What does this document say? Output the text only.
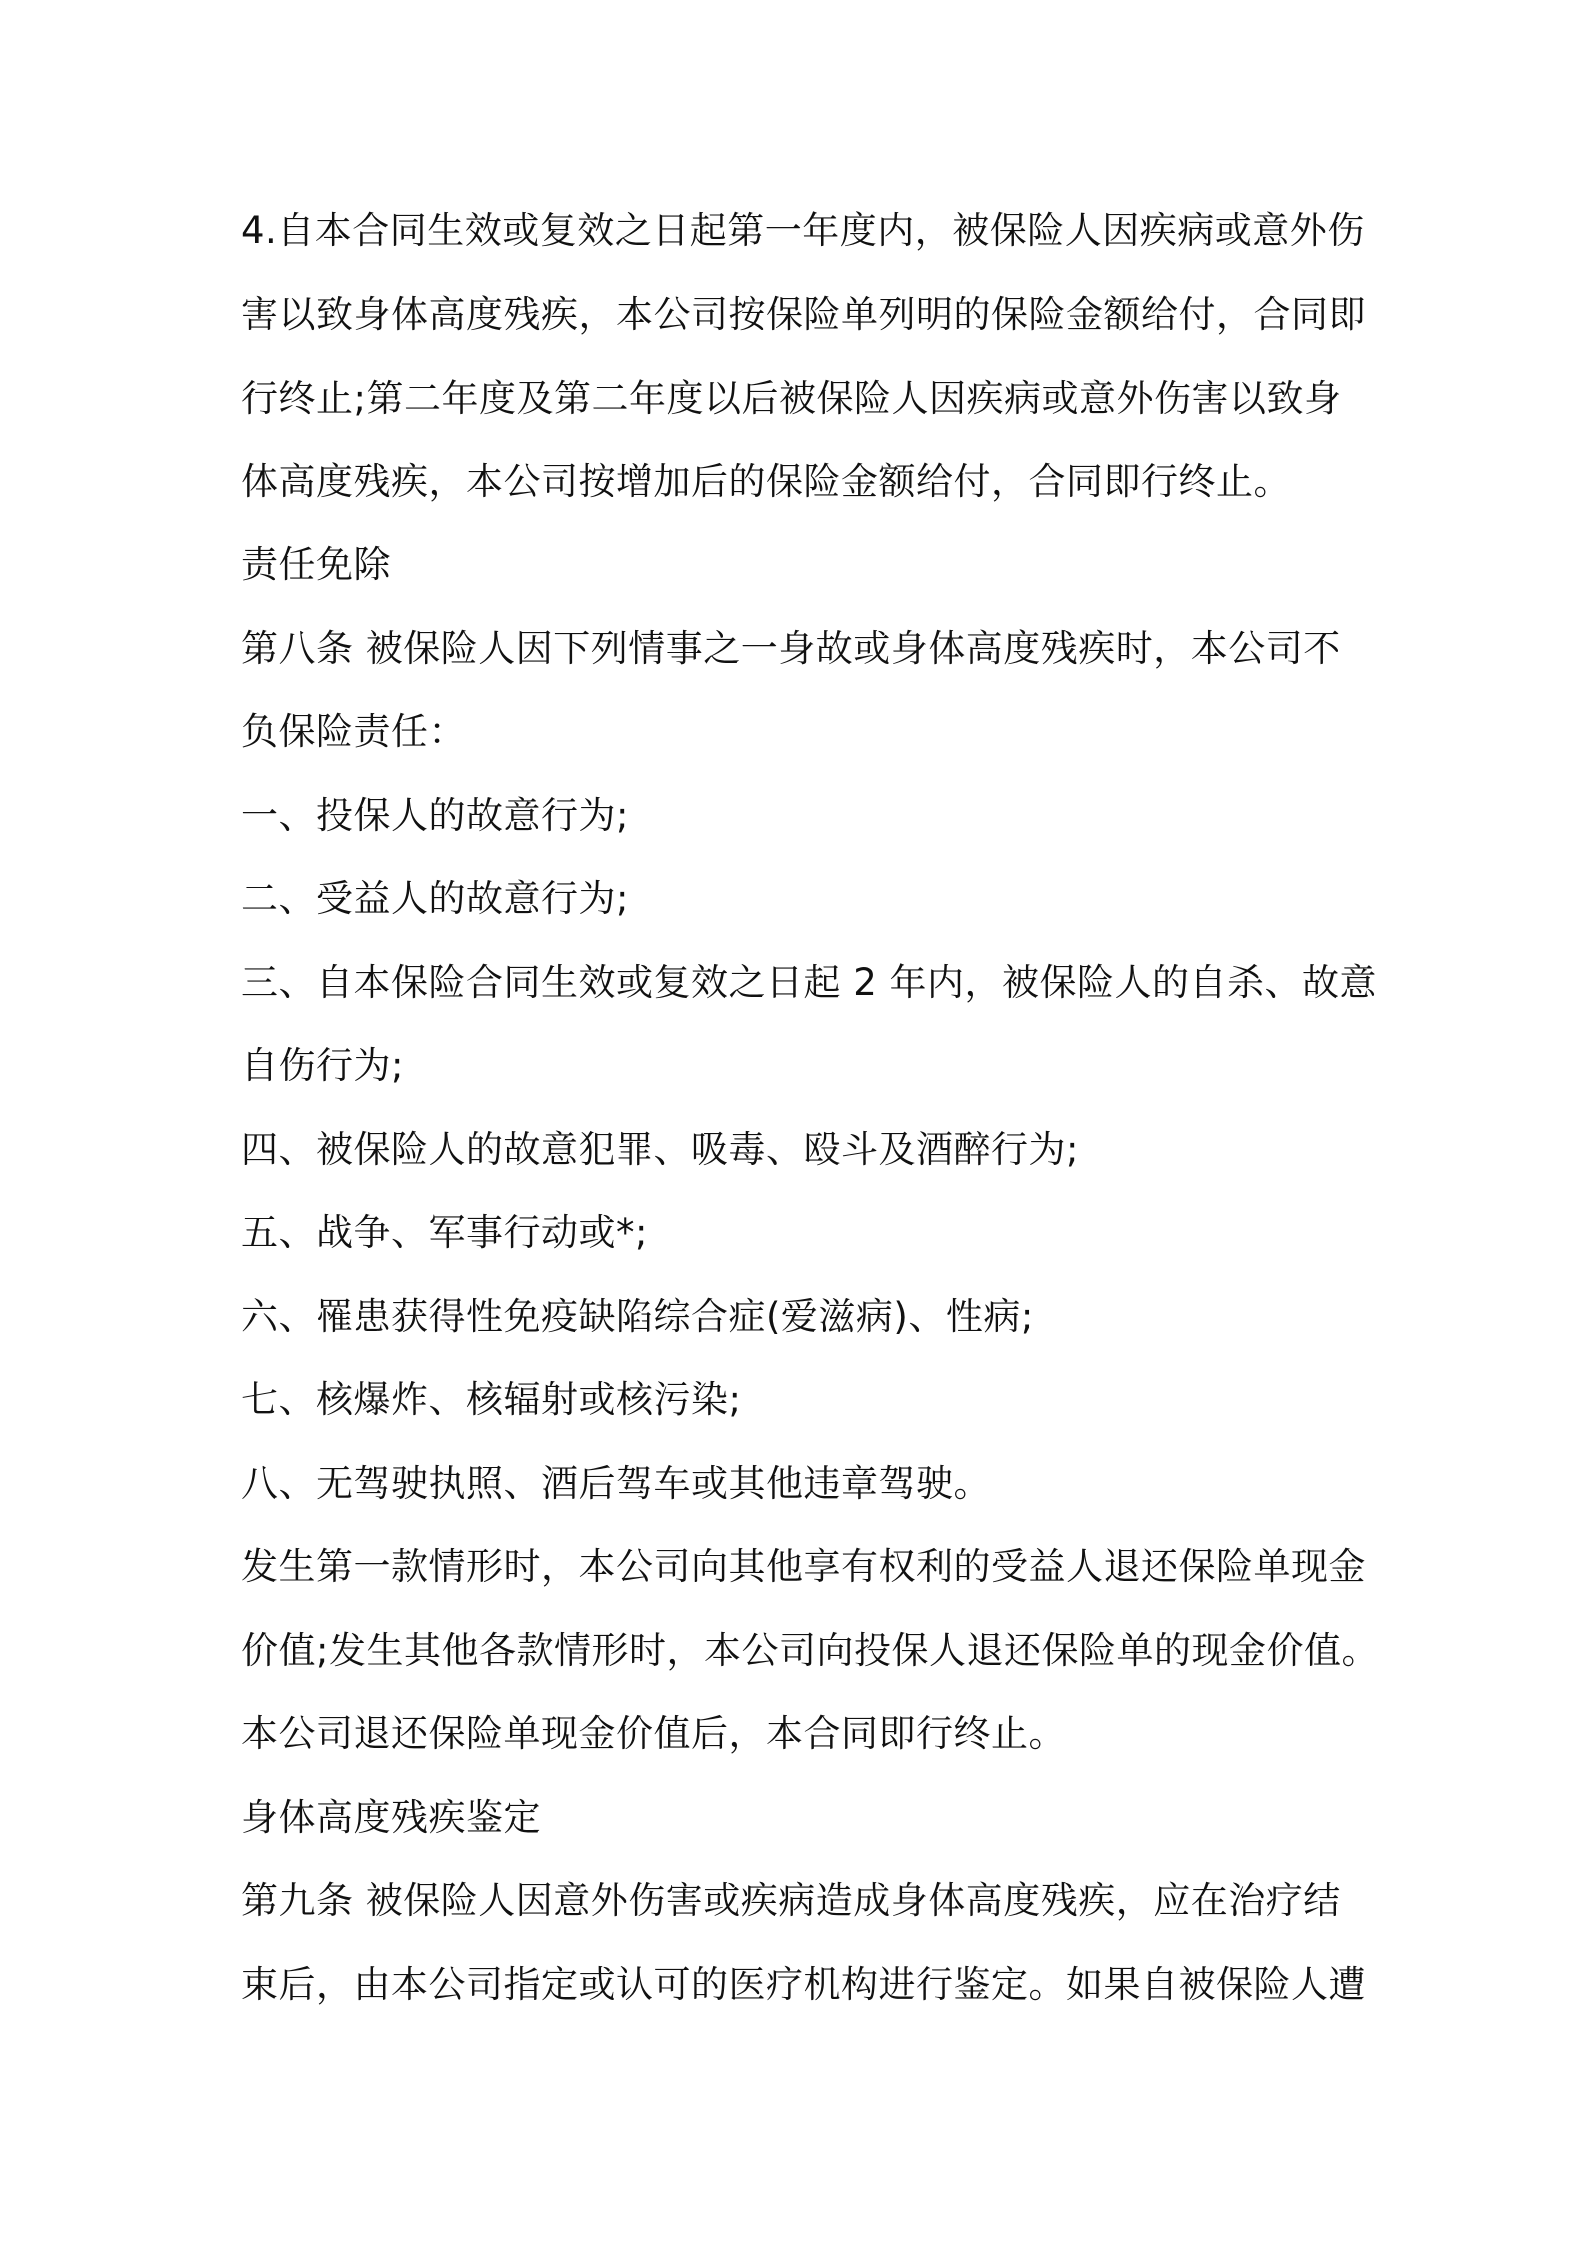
4.自本合同生效或复效之日起第一年度内，被保险人因疾病或意外伤
害以致身体高度残疾，本公司按保险单列明的保险金额给付，合同即
行终止;第二年度及第二年度以后被保险人因疾病或意外伤害以致身
体高度残疾，本公司按增加后的保险金额给付，合同即行终止。
责任免除
第八条 被保险人因下列情事之一身故或身体高度残疾时，本公司不
负保险责任：
一、投保人的故意行为;
二、受益人的故意行为;
三、自本保险合同生效或复效之日起 2 年内，被保险人的自杀、故意
自伤行为;
四、被保险人的故意犯罪、吸毒、殴斗及酒醉行为;
五、战争、军事行动或*;
六、罹患获得性免疫缺陷综合症(爱滋病)、性病;
七、核爆炸、核辐射或核污染;
八、无驾驶执照、酒后驾车或其他违章驾驶。
发生第一款情形时，本公司向其他享有权利的受益人退还保险单现金
价值;发生其他各款情形时，本公司向投保人退还保险单的现金价值。
本公司退还保险单现金价值后，本合同即行终止。
身体高度残疾鉴定
第九条 被保险人因意外伤害或疾病造成身体高度残疾，应在治疗结
束后，由本公司指定或认可的医疗机构进行鉴定。如果自被保险人遭
